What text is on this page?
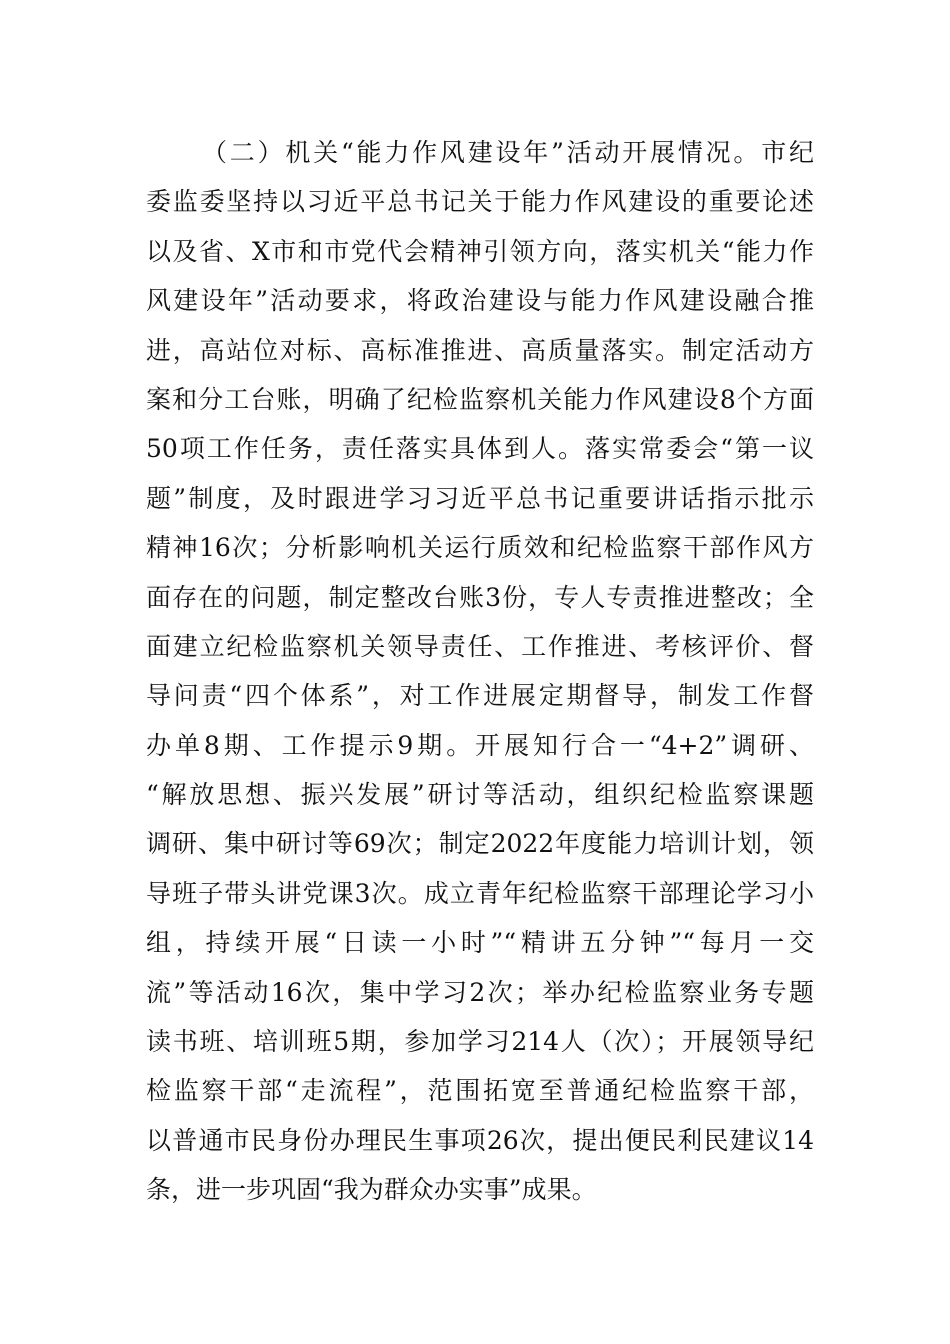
（二）机关“能力作风建设年”活动开展情况。市纪
委监委坚持以习近平总书记关于能力作风建设的重要论述
以及省、X市和市党代会精神引领方向，落实机关“能力作
风建设年”活动要求，将政治建设与能力作风建设融合推
进，高站位对标、高标准推进、高质量落实。制定活动方
案和分工台账，明确了纪检监察机关能力作风建设8个方面
50项工作任务，责任落实具体到人。落实常委会“第一议
题”制度，及时跟进学习习近平总书记重要讲话指示批示
精神16次；分析影响机关运行质效和纪检监察干部作风方
面存在的问题，制定整改台账3份，专人专责推进整改；全
面建立纪检监察机关领导责任、工作推进、考核评价、督
导问责“四个体系”，对工作进展定期督导，制发工作督
办单8期、工作提示9期。开展知行合一“4+2”调研、
“解放思想、振兴发展”研讨等活动，组织纪检监察课题
调研、集中研讨等69次；制定2022年度能力培训计划，领
导班子带头讲党课3次。成立青年纪检监察干部理论学习小
组，持续开展“日读一小时”“精讲五分钟”“每月一交
流”等活动16次，集中学习2次；举办纪检监察业务专题
读书班、培训班5期，参加学习214人（次）；开展领导纪
检监察干部“走流程”，范围拓宽至普通纪检监察干部，
以普通市民身份办理民生事项26次，提出便民利民建议14
条，进一步巩固“我为群众办实事”成果。
